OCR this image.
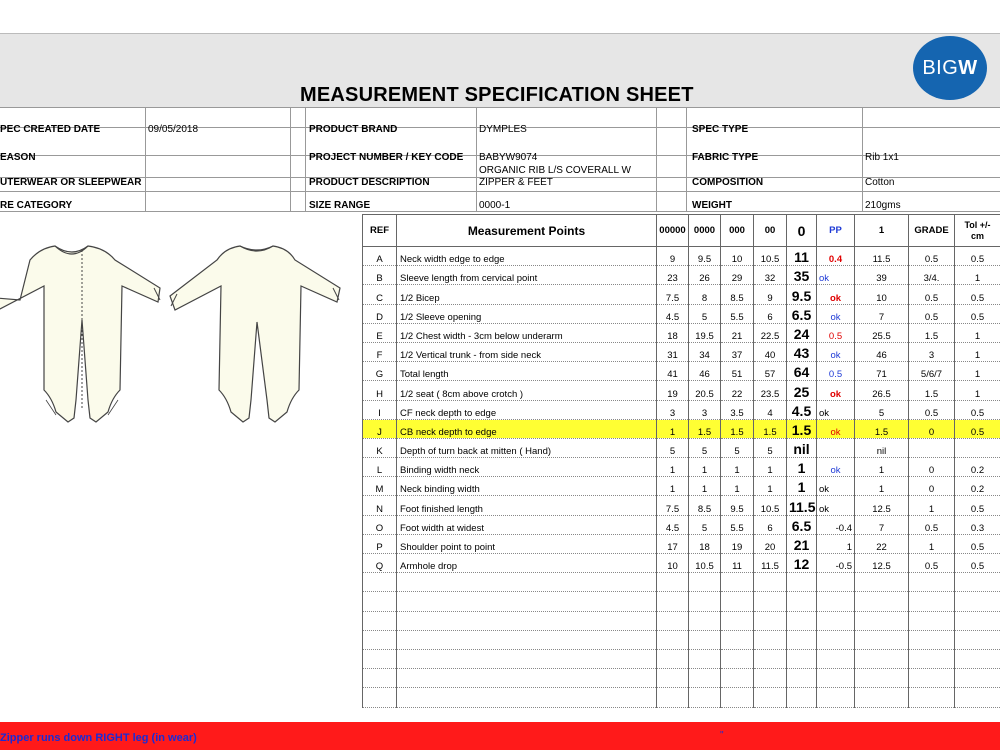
MEASUREMENT SPECIFICATION SHEET
BIG W
PEC CREATED DATE	09/05/2018
EASON
UTERWEAR OR SLEEPWEAR
RE CATEGORY
PRODUCT BRAND	DYMPLES
PROJECT NUMBER / KEY CODE BABYW9074
PRODUCT DESCRIPTION
ORGANIC RIB L/S COVERALL W
ZIPPER & FEET
SIZE RANGE	0000-1
SPEC TYPE
FABRIC TYPE	Rib 1x1
COMPOSITION	Cotton
WEIGHT	210gms
REF	Measurement Points	00000	0000	000	00	0	PP	1	GRADE	Tol +/- cm
A	Neck width edge to edge	9	9.5	10	10.5	11	0.4	11.5	0.5	0.5
B	Sleeve length from cervical point	23	26	29	32	35	ok	39	3/4.	1
C	1/2 Bicep	7.5	8	8.5	9	9.5	ok	10	0.5	0.5
D	1/2 Sleeve opening	4.5	5	5.5	6	6.5	ok	7	0.5	0.5
E	1/2 Chest width - 3cm below underarm	18	19.5	21	22.5	24	0.5	25.5	1.5	1
F	1/2 Vertical trunk - from side neck	31	34	37	40	43	ok	46	3	1
G	Total length	41	46	51	57	64	0.5	71	5/6/7	1
H	1/2 seat ( 8cm above crotch )	19	20.5	22	23.5	25	ok	26.5	1.5	1
I	CF neck depth to edge	3	3	3.5	4	4.5	ok	5	0.5	0.5
J	CB neck depth to edge	1	1.5	1.5	1.5	1.5	ok	1.5	0	0.5
K	Depth of turn back at mitten ( Hand)	5	5	5	5	nil		nil		
L	Binding width neck	1	1	1	1	1	ok	1	0	0.2
M	Neck binding width	1	1	1	1	1	ok	1	0	0.2
N	Foot finished length	7.5	8.5	9.5	10.5	11.5	ok	12.5	1	0.5
O	Foot width at widest	4.5	5	5.5	6	6.5	-0.4	7	0.5	0.3
P	Shoulder point to point	17	18	19	20	21	1	22	1	0.5
Q	Armhole drop	10	10.5	11	11.5	12	-0.5	12.5	0.5	0.5

Zipper runs down RIGHT leg (in wear)	"
